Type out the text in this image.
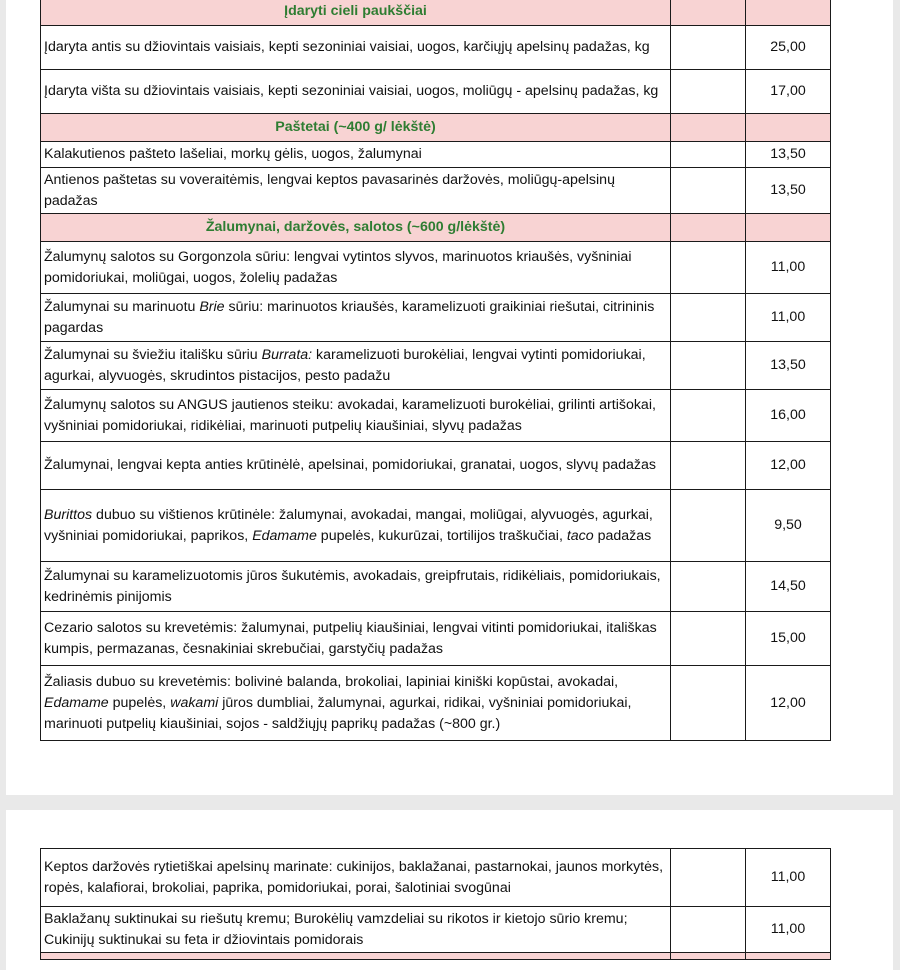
Įdaryti cieli paukščiai		
Įdaryta antis su džiovintais vaisiais, kepti sezoniniai vaisiai, uogos, karčiųjų apelsinų padažas, kg		25,00
Įdaryta višta su džiovintais vaisiais, kepti sezoniniai vaisiai, uogos, moliūgų - apelsinų padažas, kg		17,00
Paštetai (~400 g/ lėkštė)		
Kalakutienos pašteto lašeliai, morkų gėlis, uogos, žalumynai		13,50
Antienos paštetas su voveraitėmis, lengvai keptos pavasarinės daržovės, moliūgų-apelsinų padažas		13,50
Žalumynai, daržovės, salotos (~600 g/lėkštė)		
Žalumynų salotos su Gorgonzola sūriu: lengvai vytintos slyvos, marinuotos kriaušės, vyšniniai pomidoriukai, moliūgai, uogos, žolelių padažas		11,00
Žalumynai su marinuotu Brie sūriu: marinuotos kriaušės, karamelizuoti graikiniai riešutai, citrininis pagardas		11,00
Žalumynai su šviežiu itališku sūriu Burrata: karamelizuoti burokėliai, lengvai vytinti pomidoriukai, agurkai, alyvuogės, skrudintos pistacijos, pesto padažu		13,50
Žalumynų salotos su ANGUS jautienos steiku: avokadai, karamelizuoti burokėliai, grilinti artišokai, vyšniniai pomidoriukai, ridikėliai, marinuoti putpelių kiaušiniai, slyvų padažas		16,00
Žalumynai, lengvai kepta anties krūtinėlė, apelsinai, pomidoriukai, granatai, uogos, slyvų padažas		12,00
Burittos dubuo su vištienos krūtinėle: žalumynai, avokadai, mangai, moliūgai, alyvuogės, agurkai, vyšniniai pomidoriukai, paprikos, Edamame pupelės, kukurūzai, tortilijos traškučiai, taco padažas		9,50
Žalumynai su karamelizuotomis jūros šukutėmis, avokadais, greipfrutais, ridikėliais, pomidoriukais, kedrinėmis pinijomis		14,50
Cezario salotos su krevetėmis: žalumynai, putpelių kiaušiniai, lengvai vitinti pomidoriukai, itališkas kumpis, permazanas, česnakiniai skrebučiai, garstyčių padažas		15,00
Žaliasis dubuo su krevetėmis: bolivinė balanda, brokoliai, lapiniai kiniški kopūstai, avokadai, Edamame pupelės, wakami jūros dumbliai, žalumynai, agurkai, ridikai, vyšniniai pomidoriukai, marinuoti putpelių kiaušiniai, sojos - saldžiųjų paprikų padažas (~800 gr.)		12,00
Keptos daržovės rytietiškai apelsinų marinate: cukinijos, baklažanai, pastarnokai, jaunos morkytės, ropės, kalafiorai, brokoliai, paprika, pomidoriukai, porai, šalotiniai svogūnai		11,00
Baklažanų suktinukai su riešutų kremu; Burokėlių vamzdeliai su rikotos ir kietojo sūrio kremu; Cukinijų suktinukai su feta ir džiovintais pomidorais		11,00
